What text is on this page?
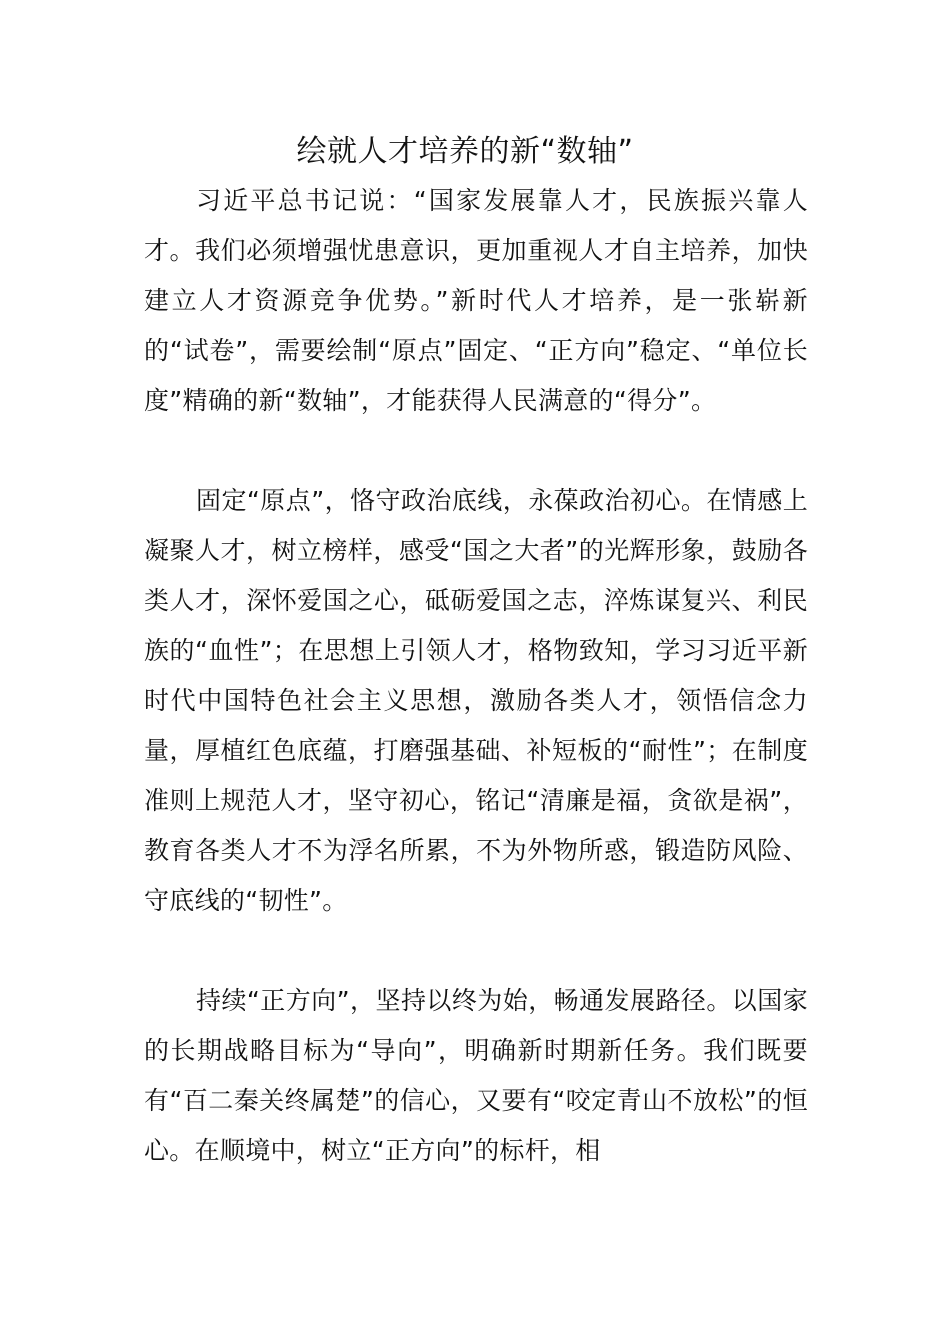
绘就人才培养的新“数轴”

习近平总书记说：“国家发展靠人才，民族振兴靠人才。我们必须增强忧患意识，更加重视人才自主培养，加快建立人才资源竞争优势。”新时代人才培养，是一张崭新的“试卷”，需要绘制“原点”固定、“正方向”稳定、“单位长度”精确的新“数轴”，才能获得人民满意的“得分”。

固定“原点”，恪守政治底线，永葆政治初心。在情感上凝聚人才，树立榜样，感受“国之大者”的光辉形象，鼓励各类人才，深怀爱国之心，砥砺爱国之志，淬炼谋复兴、利民族的“血性”；在思想上引领人才，格物致知，学习习近平新时代中国特色社会主义思想，激励各类人才，领悟信念力量，厚植红色底蕴，打磨强基础、补短板的“耐性”；在制度准则上规范人才，坚守初心，铭记“清廉是福，贪欲是祸”，教育各类人才不为浮名所累，不为外物所惑，锻造防风险、守底线的“韧性”。

持续“正方向”，坚持以终为始，畅通发展路径。以国家的长期战略目标为“导向”，明确新时期新任务。我们既要有“百二秦关终属楚”的信心，又要有“咬定青山不放松”的恒心。在顺境中，树立“正方向”的标杆，相
